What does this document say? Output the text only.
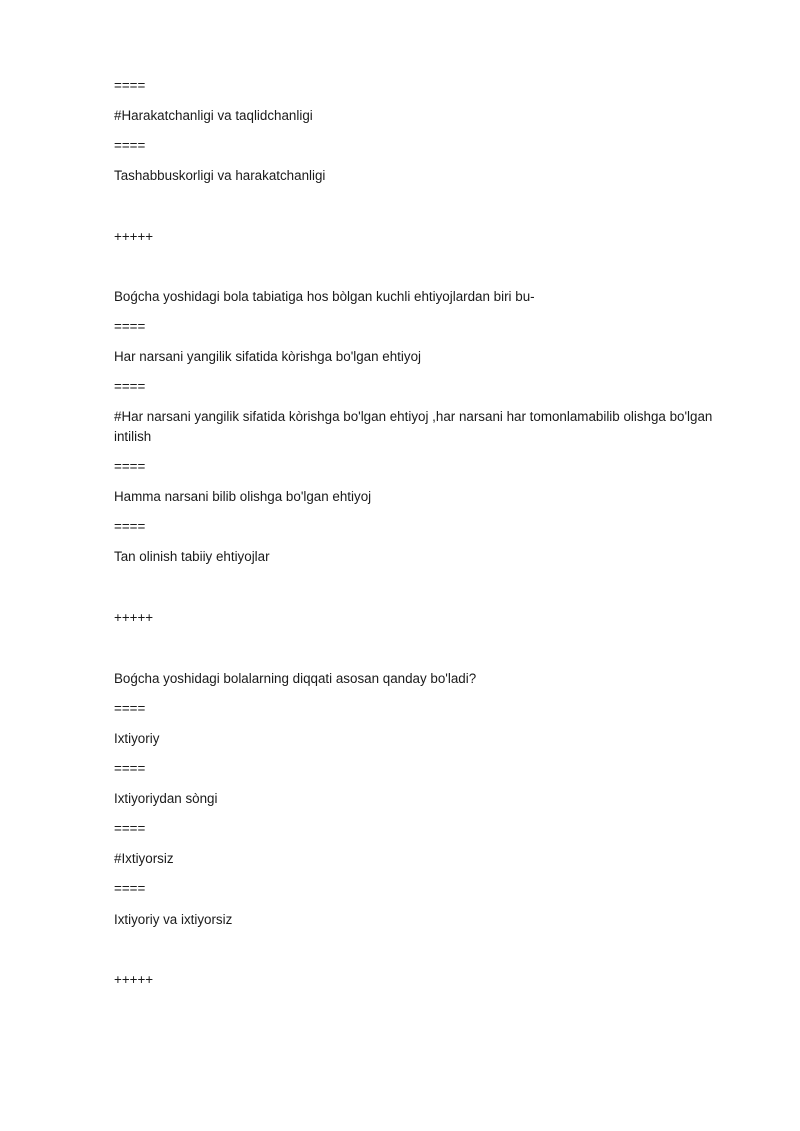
====
#Harakatchanligi va taqlidchanligi
====
Tashabbuskorligi va harakatchanligi
+++++
Boǵcha yoshidagi bola tabiatiga hos bòlgan kuchli ehtiyojlardan biri bu-
====
Har narsani yangilik sifatida kòrishga bo'lgan ehtiyoj
====
#Har narsani yangilik sifatida kòrishga bo'lgan ehtiyoj ,har narsani har tomonlamabilib olishga bo'lgan intilish
====
Hamma narsani bilib olishga bo'lgan ehtiyoj
====
Tan olinish tabiiy ehtiyojlar
+++++
Boǵcha yoshidagi bolalarning diqqati asosan qanday bo'ladi?
====
Ixtiyoriy
====
Ixtiyoriydan sòngi
====
#Ixtiyorsiz
====
Ixtiyoriy va ixtiyorsiz
+++++
